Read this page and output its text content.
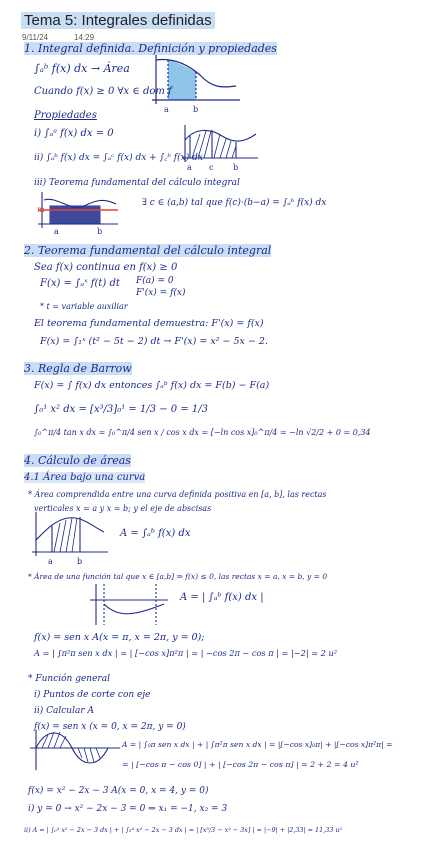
Tema 5: Integrales definidas
9/11/24	14:29
a	b
a c b
m
a	b
a	b
1. Integral definida. Definición y propiedades
∫ₐᵇ f(x) dx → Área
Cuando f(x) ≥ 0 ∀x ∈ dom f
Propiedades
i) ∫ₐᵃ f(x) dx = 0
ii) ∫ₐᵇ f(x) dx = ∫ₐᶜ f(x) dx + ∫꜀ᵇ f(x) dx
iii) Teorema fundamental del cálculo integral
∃ c ∈ (a,b) tal que f(c)·(b−a) = ∫ₐᵇ f(x) dx
2. Teorema fundamental del cálculo integral
Sea f(x) continua en f(x) ≥ 0
F(x) = ∫ₐˣ f(t) dt F(a) = 0
F'(x) = f(x)
* t = variable auxiliar
El teorema fundamental demuestra: F'(x) = f(x)
F(x) = ∫₁ˣ (t² − 5t − 2) dt → F'(x) = x² − 5x − 2.
3. Regla de Barrow
F(x) = ∫ f(x) dx entonces ∫ₐᵇ f(x) dx = F(b) − F(a)
∫₀¹ x² dx = [x³/3]₀¹ = 1/3 − 0 = 1/3
∫₀^π/4 tan x dx = ∫₀^π/4 sen x / cos x dx = [−ln cos x]₀^π/4 = −ln √2/2 + 0 = 0,34
4. Cálculo de áreas
4.1 Área bajo una curva
* Área comprendida entre una curva definida positiva en [a, b], las rectas
verticales x = a y x = b; y el eje de abscisas
A = ∫ₐᵇ f(x) dx
* Área de una función tal que x ∈ [a,b] ⇒ f(x) ≤ 0, las rectas x = a, x = b, y = 0
A = | ∫ₐᵇ f(x) dx |
f(x) = sen x A(x = π, x = 2π, y = 0);
A = | ∫π²π sen x dx | = | [−cos x]π²π | = | −cos 2π − cos π | = |−2| = 2 u²
* Función general
i) Puntos de corte con eje
ii) Calcular A
f(x) = sen x (x = 0, x = 2π, y = 0)
A = | ∫₀π sen x dx | + | ∫π²π sen x dx | = |[−cos x]₀π| + |[−cos x]π²π| =
= | [−cos π − cos 0] | + | [−cos 2π − cos π] | = 2 + 2 = 4 u²
f(x) = x² − 2x − 3 A(x = 0, x = 4, y = 0)
i) y = 0 → x² − 2x − 3 = 0 ⇒ x₁ = −1, x₂ = 3
ii) A = | ∫₀³ x² − 2x − 3 dx | + | ∫₃⁴ x² − 2x − 3 dx | = | [x³/3 − x² − 3x] | = |−9| + |2,33| = 11,33 u²
